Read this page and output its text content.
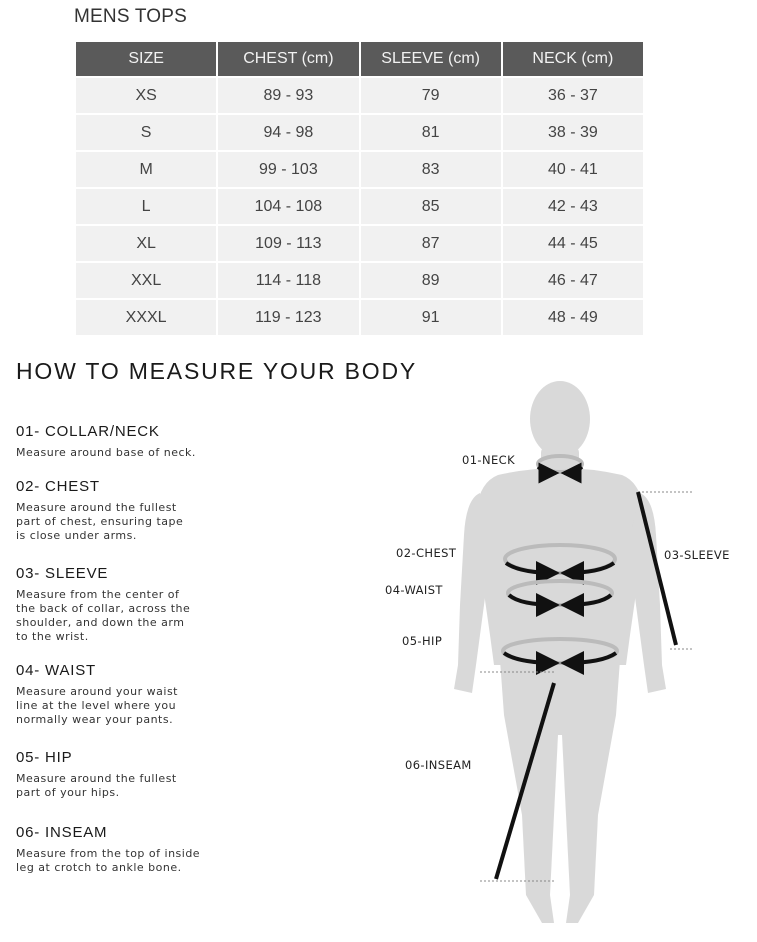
MENS TOPS
SIZE	CHEST (cm)	SLEEVE (cm)	NECK (cm)
XS	89 - 93	79	36 - 37
S	94 - 98	81	38 - 39
M	99 - 103	83	40 - 41
L	104 - 108	85	42 - 43
XL	109 - 113	87	44 - 45
XXL	114 - 118	89	46 - 47
XXXL	119 - 123	91	48 - 49
HOW TO MEASURE YOUR BODY
01- COLLAR/NECK
Measure around base of neck.
02- CHEST
Measure around the fullest
part of chest, ensuring tape
is close under arms.
03- SLEEVE
Measure from the center of
the back of collar, across the
shoulder, and down the arm
to the wrist.
04- WAIST
Measure around your waist
line at the level where you
normally wear your pants.
05- HIP
Measure around the fullest
part of your hips.
06- INSEAM
Measure from the top of inside
leg at crotch to ankle bone.
01-NECK
02-CHEST	03-SLEEVE
04-WAIST
05-HIP
06-INSEAM
